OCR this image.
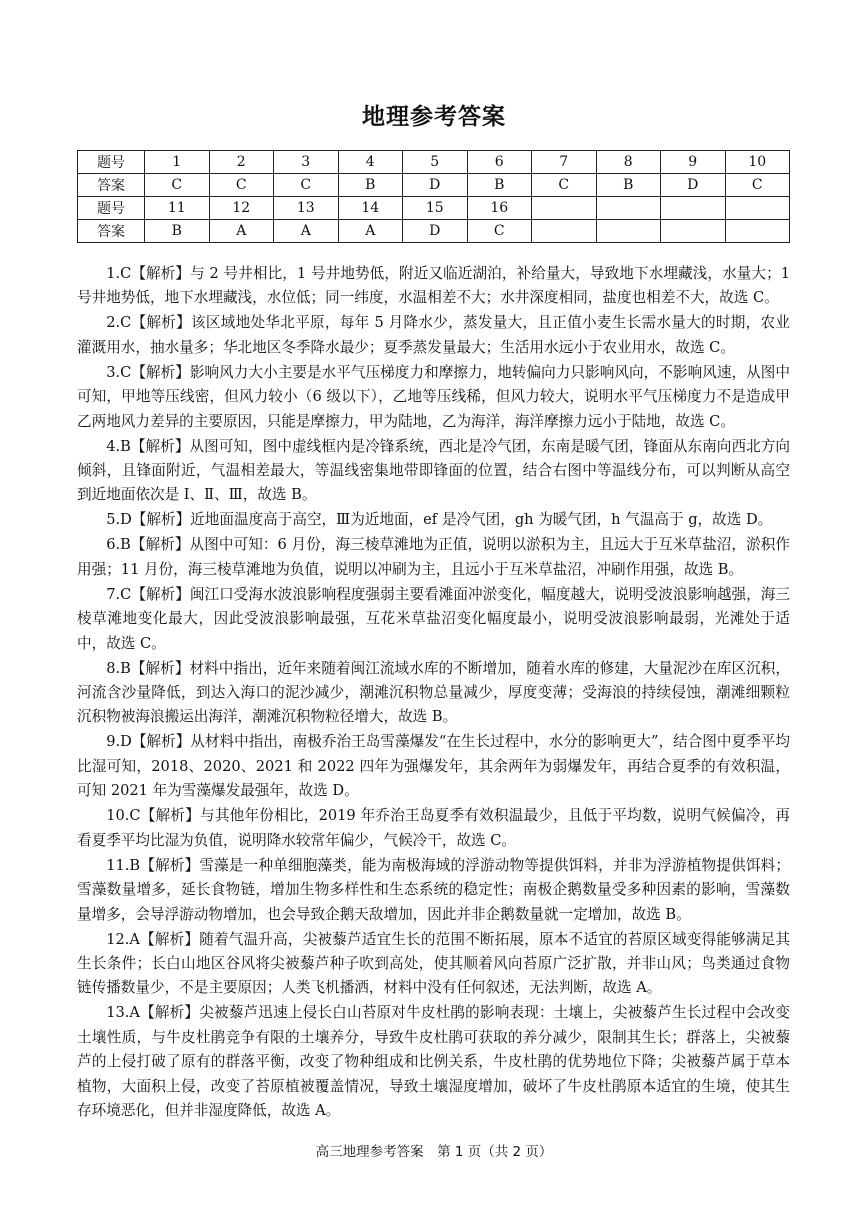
地理参考答案
题号	1	2	3	4	5	6	7	8	9	10
答案	C	C	C	B	D	B	C	B	D	C
题号	11	12	13	14	15	16				
答案	B	A	A	A	D	C				

1.C【解析】与 2 号井相比，1 号井地势低，附近又临近湖泊，补给量大，导致地下水埋藏浅，水量大；1 号井地势低，地下水埋藏浅，水位低；同一纬度，水温相差不大；水井深度相同，盐度也相差不大，故选 C。

2.C【解析】该区域地处华北平原，每年 5 月降水少，蒸发量大，且正值小麦生长需水量大的时期，农业灌溉用水，抽水量多；华北地区冬季降水最少；夏季蒸发量最大；生活用水远小于农业用水，故选 C。

3.C【解析】影响风力大小主要是水平气压梯度力和摩擦力，地转偏向力只影响风向，不影响风速，从图中可知，甲地等压线密，但风力较小（6 级以下），乙地等压线稀，但风力较大，说明水平气压梯度力不是造成甲乙两地风力差异的主要原因，只能是摩擦力，甲为陆地，乙为海洋，海洋摩擦力远小于陆地，故选 C。

4.B【解析】从图可知，图中虚线框内是冷锋系统，西北是冷气团，东南是暖气团，锋面从东南向西北方向倾斜，且锋面附近，气温相差最大，等温线密集地带即锋面的位置，结合右图中等温线分布，可以判断从高空到近地面依次是 Ⅰ、Ⅱ、Ⅲ，故选 B。

5.D【解析】近地面温度高于高空，Ⅲ为近地面，ef 是冷气团，gh 为暖气团，h 气温高于 g，故选 D。

6.B【解析】从图中可知：6 月份，海三棱草滩地为正值，说明以淤积为主，且远大于互米草盐沼，淤积作用强；11 月份，海三棱草滩地为负值，说明以冲刷为主，且远小于互米草盐沼，冲刷作用强，故选 B。

7.C【解析】闽江口受海水波浪影响程度强弱主要看滩面冲淤变化，幅度越大，说明受波浪影响越强，海三棱草滩地变化最大，因此受波浪影响最强，互花米草盐沼变化幅度最小，说明受波浪影响最弱，光滩处于适中，故选 C。

8.B【解析】材料中指出，近年来随着闽江流域水库的不断增加，随着水库的修建，大量泥沙在库区沉积，河流含沙量降低，到达入海口的泥沙减少，潮滩沉积物总量减少，厚度变薄；受海浪的持续侵蚀，潮滩细颗粒沉积物被海浪搬运出海洋，潮滩沉积物粒径增大，故选 B。

9.D【解析】从材料中指出，南极乔治王岛雪藻爆发“在生长过程中，水分的影响更大”，结合图中夏季平均比湿可知，2018、2020、2021 和 2022 四年为强爆发年，其余两年为弱爆发年，再结合夏季的有效积温，可知 2021 年为雪藻爆发最强年，故选 D。

10.C【解析】与其他年份相比，2019 年乔治王岛夏季有效积温最少，且低于平均数，说明气候偏冷，再看夏季平均比湿为负值，说明降水较常年偏少，气候冷干，故选 C。

11.B【解析】雪藻是一种单细胞藻类，能为南极海域的浮游动物等提供饵料，并非为浮游植物提供饵料；雪藻数量增多，延长食物链，增加生物多样性和生态系统的稳定性；南极企鹅数量受多种因素的影响，雪藻数量增多，会导浮游动物增加，也会导致企鹅天敌增加，因此并非企鹅数量就一定增加，故选 B。

12.A【解析】随着气温升高，尖被藜芦适宜生长的范围不断拓展，原本不适宜的苔原区域变得能够满足其生长条件；长白山地区谷风将尖被藜芦种子吹到高处，使其顺着风向苔原广泛扩散，并非山风；鸟类通过食物链传播数量少，不是主要原因；人类飞机播洒，材料中没有任何叙述，无法判断，故选 A。

13.A【解析】尖被藜芦迅速上侵长白山苔原对牛皮杜鹃的影响表现：土壤上，尖被藜芦生长过程中会改变土壤性质，与牛皮杜鹃竞争有限的土壤养分，导致牛皮杜鹃可获取的养分减少，限制其生长；群落上，尖被藜芦的上侵打破了原有的群落平衡，改变了物种组成和比例关系，牛皮杜鹃的优势地位下降；尖被藜芦属于草本植物，大面积上侵，改变了苔原植被覆盖情况，导致土壤湿度增加，破坏了牛皮杜鹃原本适宜的生境，使其生存环境恶化，但并非湿度降低，故选 A。

高三地理参考答案　第 1 页（共 2 页）
